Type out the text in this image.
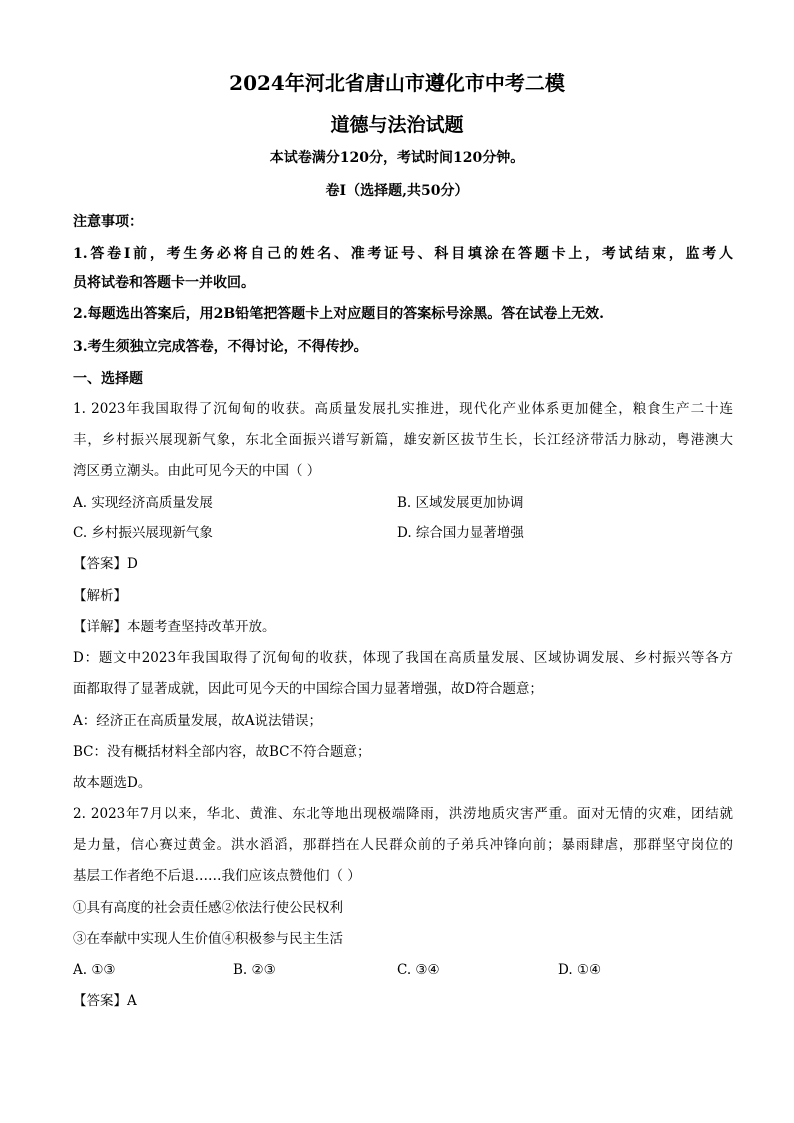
2024年河北省唐山市遵化市中考二模
道德与法治试题
本试卷满分120分，考试时间120分钟。
卷Ⅰ（选择题,共50分）
注意事项：
1.答卷Ⅰ前，考生务必将自己的姓名、准考证号、科目填涂在答题卡上，考试结束，监考人
员将试卷和答题卡一并收回。
2.每题选出答案后，用2B铅笔把答题卡上对应题目的答案标号涂黑。答在试卷上无效.
3.考生须独立完成答卷，不得讨论，不得传抄。
一、选择题
1. 2023年我国取得了沉甸甸的收获。高质量发展扎实推进，现代化产业体系更加健全，粮食生产二十连
丰，乡村振兴展现新气象，东北全面振兴谱写新篇，雄安新区拔节生长，长江经济带活力脉动，粤港澳大
湾区勇立潮头。由此可见今天的中国（ ）
A. 实现经济高质量发展	B. 区域发展更加协调
C. 乡村振兴展现新气象	D. 综合国力显著增强
【答案】D
【解析】
【详解】本题考查坚持改革开放。
D：题文中2023年我国取得了沉甸甸的收获，体现了我国在高质量发展、区域协调发展、乡村振兴等各方
面都取得了显著成就，因此可见今天的中国综合国力显著增强，故D符合题意；
A：经济正在高质量发展，故A说法错误；
BC：没有概括材料全部内容，故BC不符合题意；
故本题选D。
2. 2023年7月以来，华北、黄淮、东北等地出现极端降雨，洪涝地质灾害严重。面对无情的灾难，团结就
是力量，信心赛过黄金。洪水滔滔，那群挡在人民群众前的子弟兵冲锋向前；暴雨肆虐，那群坚守岗位的
基层工作者绝不后退……我们应该点赞他们（ ）
①具有高度的社会责任感②依法行使公民权利
③在奉献中实现人生价值④积极参与民主生活
A. ①③	B. ②③	C. ③④	D. ①④
【答案】A
